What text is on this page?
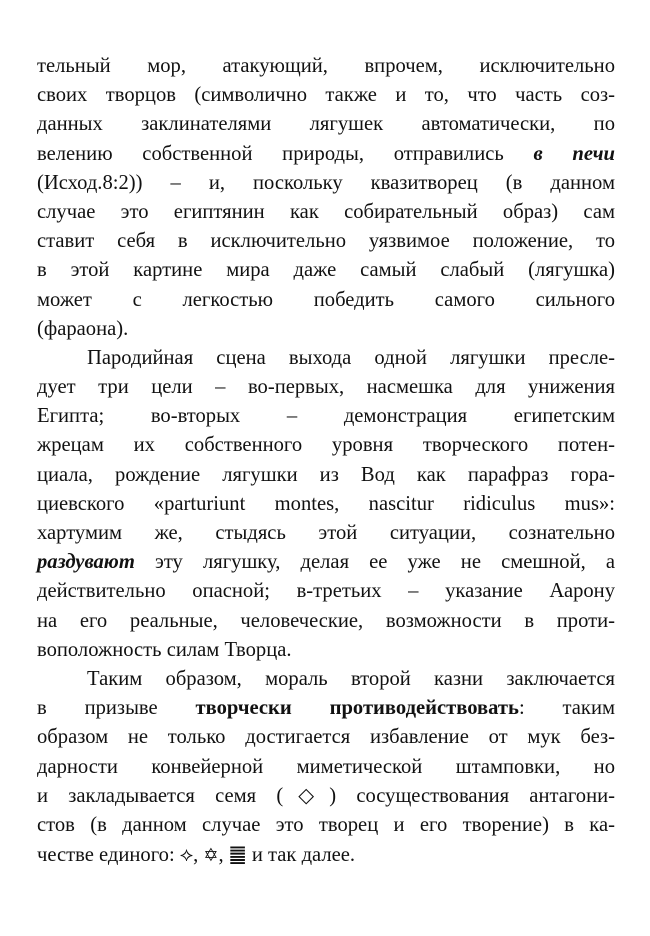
тельный мор, атакующий, впрочем, исключительно
своих творцов (символично также и то, что часть соз-
данных заклинателями лягушек автоматически, по
велению собственной природы, отправились в печи
(Исход.8:2)) – и, поскольку квазитворец (в данном
случае это египтянин как собирательный образ) сам
ставит себя в исключительно уязвимое положение, то
в этой картине мира даже самый слабый (лягушка)
может с легкостью победить самого сильного
(фараона).
Пародийная сцена выхода одной лягушки пресле-
дует три цели – во-первых, насмешка для унижения
Египта; во-вторых – демонстрация египетским
жрецам их собственного уровня творческого потен-
циала, рождение лягушки из Вод как парафраз гора-
циевского «parturiunt montes, nascitur ridiculus mus»:
хартумим же, стыдясь этой ситуации, сознательно
раздувают эту лягушку, делая ее уже не смешной, а
действительно опасной; в-третьих – указание Аарону
на его реальные, человеческие, возможности в проти-
воположность силам Творца.
Таким образом, мораль второй казни заключается
в призыве творчески противодействовать: таким
образом не только достигается избавление от мук без-
дарности конвейерной миметической штамповки, но
и закладывается семя (◇) сосуществования антагони-
стов (в данном случае это творец и его творение) в ка-
честве единого: ⟡, ✡, ䷀ и так далее.
